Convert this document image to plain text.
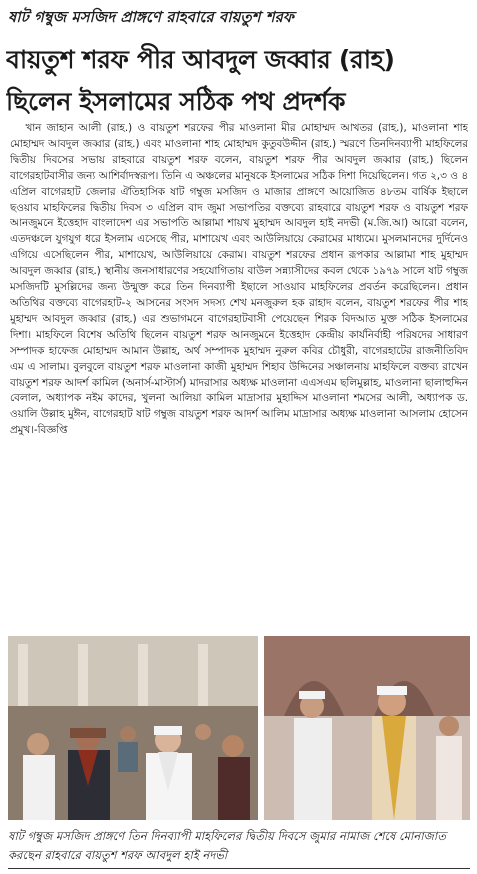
ষাট গম্বুজ মসজিদ প্রাঙ্গণে রাহবারে বায়তুশ শরফ
বায়তুশ শরফ পীর আবদুল জব্বার (রাহ)
ছিলেন ইসলামের সঠিক পথ প্রদর্শক
খান জাহান আলী (রাহ.) ও বায়তুশ শরফের পীর মাওলানা মীর মোহাম্মদ আখতর (রাহ.), মাওলানা শাহ মোহাম্মদ আবদুল জব্বার (রাহ.) এবং মাওলানা শাহ মোহাম্মদ কুতুবউদ্দীন (রাহ.) স্মরণে তিনদিনব্যাপী মাহফিলের দ্বিতীয় দিবসের সভায় রাহবারে বায়তুশ শরফ বলেন, বায়তুশ শরফ পীর আবদুল জব্বার (রাহ.) ছিলেন বাগেরহাটবাসীর জন্য আশির্বাদস্বরূপ। তিনি এ অঞ্চলের মানুষকে ইসলামের সঠিক দিশা দিয়েছিলেন। গত ২,৩ ও ৪ এপ্রিল বাগেরহাট জেলার ঐতিহাসিক ষাট গম্বুজ মসজিদ ও মাজার প্রাঙ্গণে আয়োজিত ৪৮তম বার্ষিক ইছালে ছওয়াব মাহফিলের দ্বিতীয় দিবস ৩ এপ্রিল বাদ জুমা সভাপতির বক্তব্যে রাহবারে বায়তুশ শরফ ও বায়তুশ শরফ আনজুমনে ইত্তেহাদ বাংলাদেশ এর সভাপতি আল্লামা শায়খ মুহাম্মদ আবদুল হাই নদভী (ম.জি.আ) আরো বলেন, এতদঞ্চলে যুগযুগ ধরে ইসলাম এসেছে পীর, মাশায়েখ এবং আউলিয়ায়ে কেরামের মাধ্যমে। মুসলমানদের দুর্দিনেও এগিয়ে এসেছিলেন পীর, মাশায়েখ, আউলিয়ায়ে কেরাম। বায়তুশ শরফের প্রধান রূপকার আল্লামা শাহ মুহাম্মদ আবদুল জব্বার (রাহ.) স্থানীয় জনসাধারণের সহযোগিতায় বাউল সন্ন্যাসীদের কবল থেকে ১৯৭৯ সালে ষাট গম্বুজ মসজিদটি মুসল্লিদের জন্য উন্মুক্ত করে তিন দিনব্যাপী ইছালে সাওয়াব মাহফিলের প্রবর্তন করেছিলেন। প্রধান অতিথির বক্তব্যে বাগেরহাট-২ আসনের সংসদ সদস্য শেখ মনজুরুল হক রাহাদ বলেন, বায়তুশ শরফের পীর শাহ মুহাম্মদ আবদুল জব্বার (রাহ.) এর শুভাগমনে বাগেরহাটবাসী পেয়েছেন শিরক বিদআত মুক্ত সঠিক ইসলামের দিশা। মাহফিলে বিশেষ অতিথি ছিলেন বায়তুশ শরফ আনজুমনে ইত্তেহাদ কেন্দ্রীয় কার্যনির্বাহী পরিষদের সাধারণ সম্পাদক হাফেজ মোহাম্মদ আমান উল্লাহ, অর্থ সম্পাদক মুহাম্মদ নুরুল কবির চৌধুরী, বাগেরহাটের রাজনীতিবিদ এম এ সালাম। বুলবুলে বায়তুশ শরফ মাওলানা কাজী মুহাম্মদ শিহাব উদ্দিনের সঞ্চালনায় মাহফিলে বক্তব্য রাখেন বায়তুশ শরফ আদর্শ কামিল (অনার্স-মাস্টার্স) মাদরাসার অধ্যক্ষ মাওলানা এএসএম ছলিমুল্লাহ, মাওলানা ছালাহুদ্দিন বেলাল, অধ্যাপক নইম কাদের, খুলনা আলিয়া কামিল মাদ্রাসার মুহাদ্দিস মাওলানা শমসের আলী, অধ্যাপক ড. ওয়ালি উল্লাহ মুঈন, বাগেরহাট ষাট গম্বুজ বায়তুশ শরফ আদর্শ আলিম মাদ্রাসার অধ্যক্ষ মাওলানা আসলাম হোসেন প্রমুখ।-বিজ্ঞপ্তি
ষাট গম্বুজ মসজিদ প্রাঙ্গণে তিন দিনব্যাপী মাহফিলের দ্বিতীয় দিবসে জুমার নামাজ শেষে মোনাজাত করছেন রাহবারে বায়তুশ শরফ আবদুল হাই নদভী
